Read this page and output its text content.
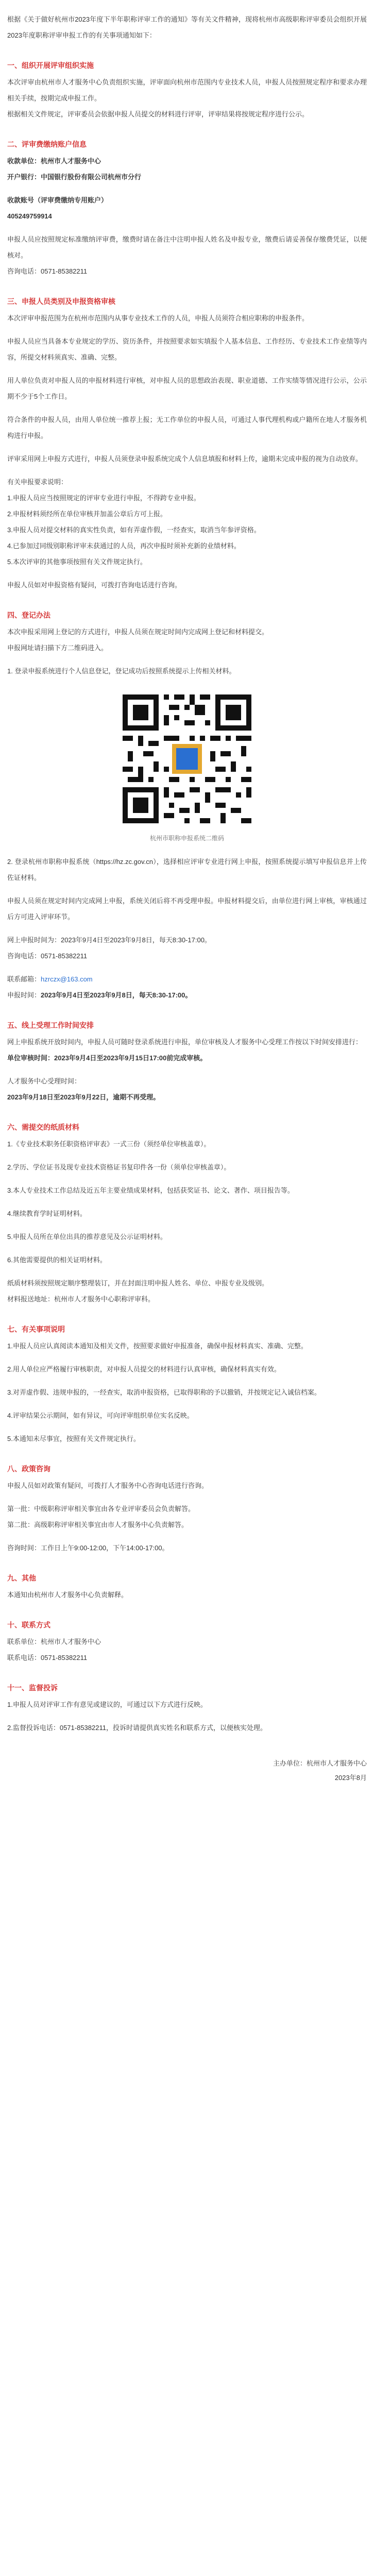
根据《关于做好杭州市2023年度下半年职称评审工作的通知》等有关文件精神，现将杭州市高级职称评审委员会组织开展2023年度职称评审申报工作的有关事项通知如下：

一、组织开展评审组织实施

本次评审由杭州市人才服务中心负责组织实施，评审面向杭州市范围内专业技术人员，申报人员按照规定程序和要求办理相关手续，按期完成申报工作。

根据相关文件规定，评审委员会依据申报人员提交的材料进行评审，评审结果将按规定程序进行公示。

二、评审费缴纳账户信息

收款单位：杭州市人才服务中心

开户银行：中国银行股份有限公司杭州市分行

收款账号（评审费缴纳专用账户）

405249759914

申报人员应按照规定标准缴纳评审费，缴费时请在备注中注明申报人姓名及申报专业，缴费后请妥善保存缴费凭证，以便核对。

咨询电话：0571-85382211

三、申报人员类别及申报资格审核

本次评审申报范围为在杭州市范围内从事专业技术工作的人员，申报人员须符合相应职称的申报条件。

申报人员应当具备本专业规定的学历、资历条件，并按照要求如实填报个人基本信息、工作经历、专业技术工作业绩等内容，所提交材料须真实、准确、完整。

用人单位负责对申报人员的申报材料进行审核，对申报人员的思想政治表现、职业道德、工作实绩等情况进行公示，公示期不少于5个工作日。

符合条件的申报人员，由用人单位统一推荐上报；无工作单位的申报人员，可通过人事代理机构或户籍所在地人才服务机构进行申报。

评审采用网上申报方式进行，申报人员须登录申报系统完成个人信息填报和材料上传，逾期未完成申报的视为自动放弃。

有关申报要求说明：

1.申报人员应当按照规定的评审专业进行申报，不得跨专业申报。

2.申报材料须经所在单位审核并加盖公章后方可上报。

3.申报人员对提交材料的真实性负责，如有弄虚作假，一经查实，取消当年参评资格。

4.已参加过同级别职称评审未获通过的人员，再次申报时须补充新的业绩材料。

5.本次评审的其他事项按照有关文件规定执行。

申报人员如对申报资格有疑问，可拨打咨询电话进行咨询。

四、登记办法

本次申报采用网上登记的方式进行，申报人员须在规定时间内完成网上登记和材料提交。

申报网址请扫描下方二维码进入。

1. 登录申报系统进行个人信息登记，登记成功后按照系统提示上传相关材料。

杭州市职称申报系统二维码

2. 登录杭州市职称申报系统（https://hz.zc.gov.cn），选择相应评审专业进行网上申报，按照系统提示填写申报信息并上传佐证材料。

申报人员须在规定时间内完成网上申报，系统关闭后将不再受理申报。申报材料提交后，由单位进行网上审核，审核通过后方可进入评审环节。

网上申报时间为：2023年9月4日至2023年9月8日，每天8:30-17:00。

咨询电话：0571-85382211

联系邮箱：hzrczx@163.com

申报时间：2023年9月4日至2023年9月8日，每天8:30-17:00。

五、线上受理工作时间安排

网上申报系统开放时间内，申报人员可随时登录系统进行申报，单位审核及人才服务中心受理工作按以下时间安排进行：

单位审核时间：2023年9月4日至2023年9月15日17:00前完成审核。

人才服务中心受理时间：

2023年9月18日至2023年9月22日，逾期不再受理。

六、需提交的纸质材料

1.《专业技术职务任职资格评审表》一式三份（须经单位审核盖章）。

2.学历、学位证书及现专业技术资格证书复印件各一份（须单位审核盖章）。

3.本人专业技术工作总结及近五年主要业绩成果材料，包括获奖证书、论文、著作、项目报告等。

4.继续教育学时证明材料。

5.申报人员所在单位出具的推荐意见及公示证明材料。

6.其他需要提供的相关证明材料。

纸质材料须按照规定顺序整理装订，并在封面注明申报人姓名、单位、申报专业及级别。

材料报送地址：杭州市人才服务中心职称评审科。

七、有关事项说明

1.申报人员应认真阅读本通知及相关文件，按照要求做好申报准备，确保申报材料真实、准确、完整。

2.用人单位应严格履行审核职责，对申报人员提交的材料进行认真审核，确保材料真实有效。

3.对弄虚作假、违规申报的，一经查实，取消申报资格，已取得职称的予以撤销，并按规定记入诚信档案。

4.评审结果公示期间，如有异议，可向评审组织单位实名反映。

5.本通知未尽事宜，按照有关文件规定执行。

八、政策咨询

申报人员如对政策有疑问，可拨打人才服务中心咨询电话进行咨询。

第一批：中级职称评审相关事宜由各专业评审委员会负责解答。

第二批：高级职称评审相关事宜由市人才服务中心负责解答。

咨询时间：工作日上午9:00-12:00，下午14:00-17:00。

九、其他

本通知由杭州市人才服务中心负责解释。

十、联系方式

联系单位：杭州市人才服务中心

联系电话：0571-85382211

十一、监督投诉

1.申报人员对评审工作有意见或建议的，可通过以下方式进行反映。

2.监督投诉电话：0571-85382211，投诉时请提供真实姓名和联系方式，以便核实处理。

主办单位：杭州市人才服务中心

2023年8月
